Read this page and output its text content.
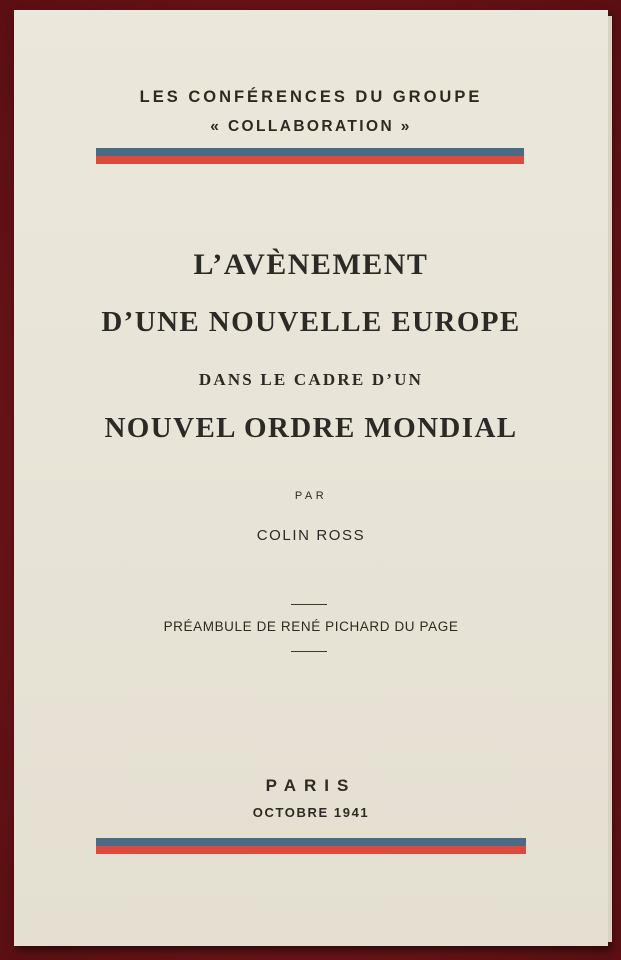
LES CONFÉRENCES DU GROUPE
« COLLABORATION »
L’AVÈNEMENT
D’UNE NOUVELLE EUROPE
DANS LE CADRE D’UN
NOUVEL ORDRE MONDIAL
PAR
COLIN ROSS
PRÉAMBULE DE RENÉ PICHARD DU PAGE
PARIS
OCTOBRE 1941
